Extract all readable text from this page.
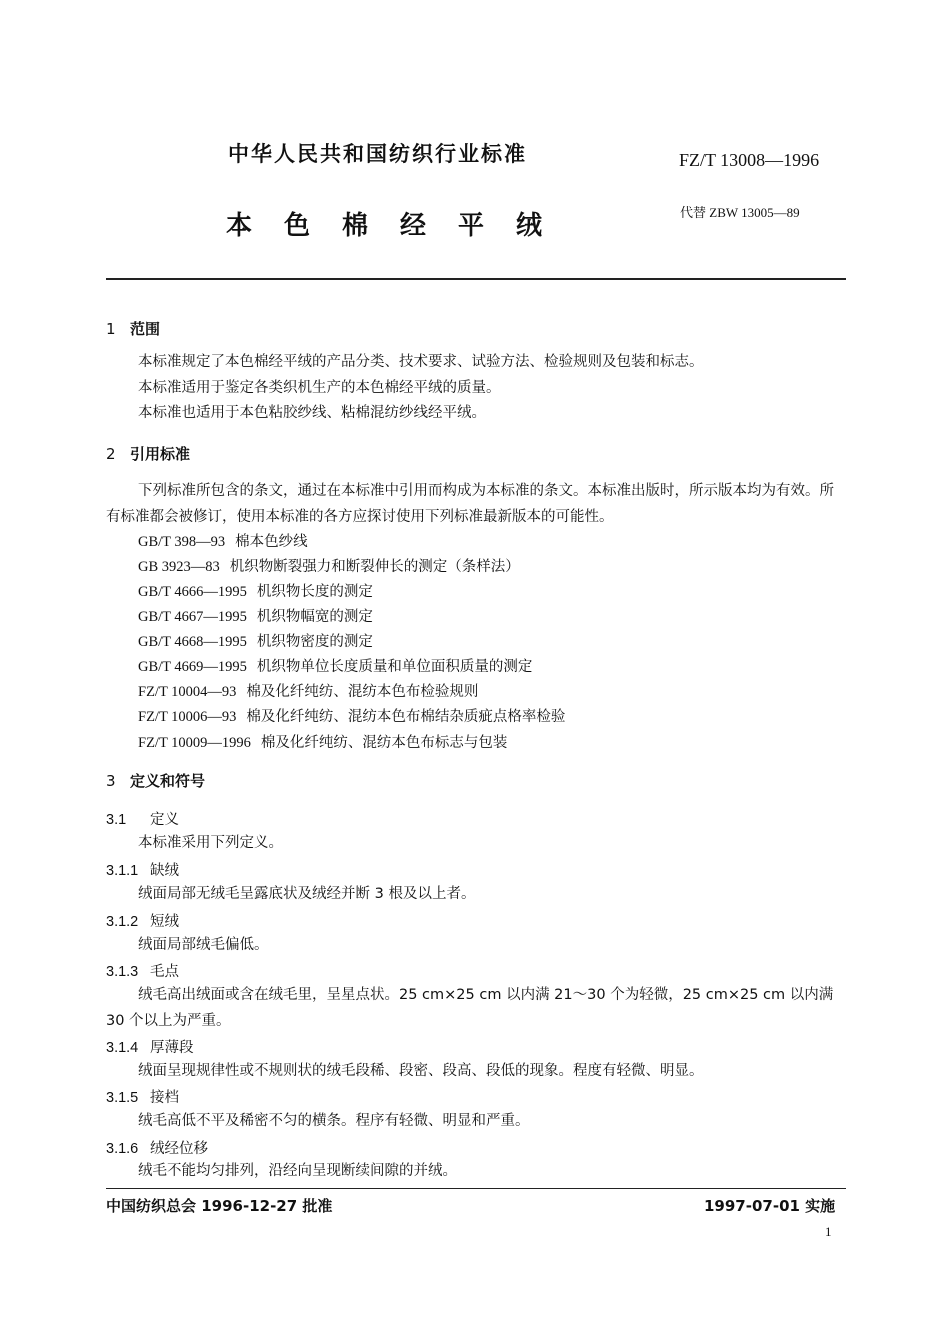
中华人民共和国纺织行业标准	FZ/T 13008—1996
本色棉经平绒	代替 ZBW 13005—89
1 范围
本标准规定了本色棉经平绒的产品分类、技术要求、试验方法、检验规则及包装和标志。
本标准适用于鉴定各类织机生产的本色棉经平绒的质量。
本标准也适用于本色粘胶纱线、粘棉混纺纱线经平绒。
2 引用标准
下列标准所包含的条文，通过在本标准中引用而构成为本标准的条文。本标准出版时，所示版本均为有效。所有标准都会被修订，使用本标准的各方应探讨使用下列标准最新版本的可能性。
GB/T 398—93 棉本色纱线
GB 3923—83 机织物断裂强力和断裂伸长的测定（条样法）
GB/T 4666—1995 机织物长度的测定
GB/T 4667—1995 机织物幅宽的测定
GB/T 4668—1995 机织物密度的测定
GB/T 4669—1995 机织物单位长度质量和单位面积质量的测定
FZ/T 10004—93 棉及化纤纯纺、混纺本色布检验规则
FZ/T 10006—93 棉及化纤纯纺、混纺本色布棉结杂质疵点格率检验
FZ/T 10009—1996 棉及化纤纯纺、混纺本色布标志与包装
3 定义和符号
3.1 定义
本标准采用下列定义。
3.1.1 缺绒
绒面局部无绒毛呈露底状及绒经并断 3 根及以上者。
3.1.2 短绒
绒面局部绒毛偏低。
3.1.3 毛点
绒毛高出绒面或含在绒毛里，呈星点状。25 cm×25 cm 以内满 21～30 个为轻微，25 cm×25 cm 以内满 30 个以上为严重。
3.1.4 厚薄段
绒面呈现规律性或不规则状的绒毛段稀、段密、段高、段低的现象。程度有轻微、明显。
3.1.5 接档
绒毛高低不平及稀密不匀的横条。程序有轻微、明显和严重。
3.1.6 绒经位移
绒毛不能均匀排列，沿经向呈现断续间隙的并绒。
中国纺织总会 1996-12-27 批准	1997-07-01 实施
1
